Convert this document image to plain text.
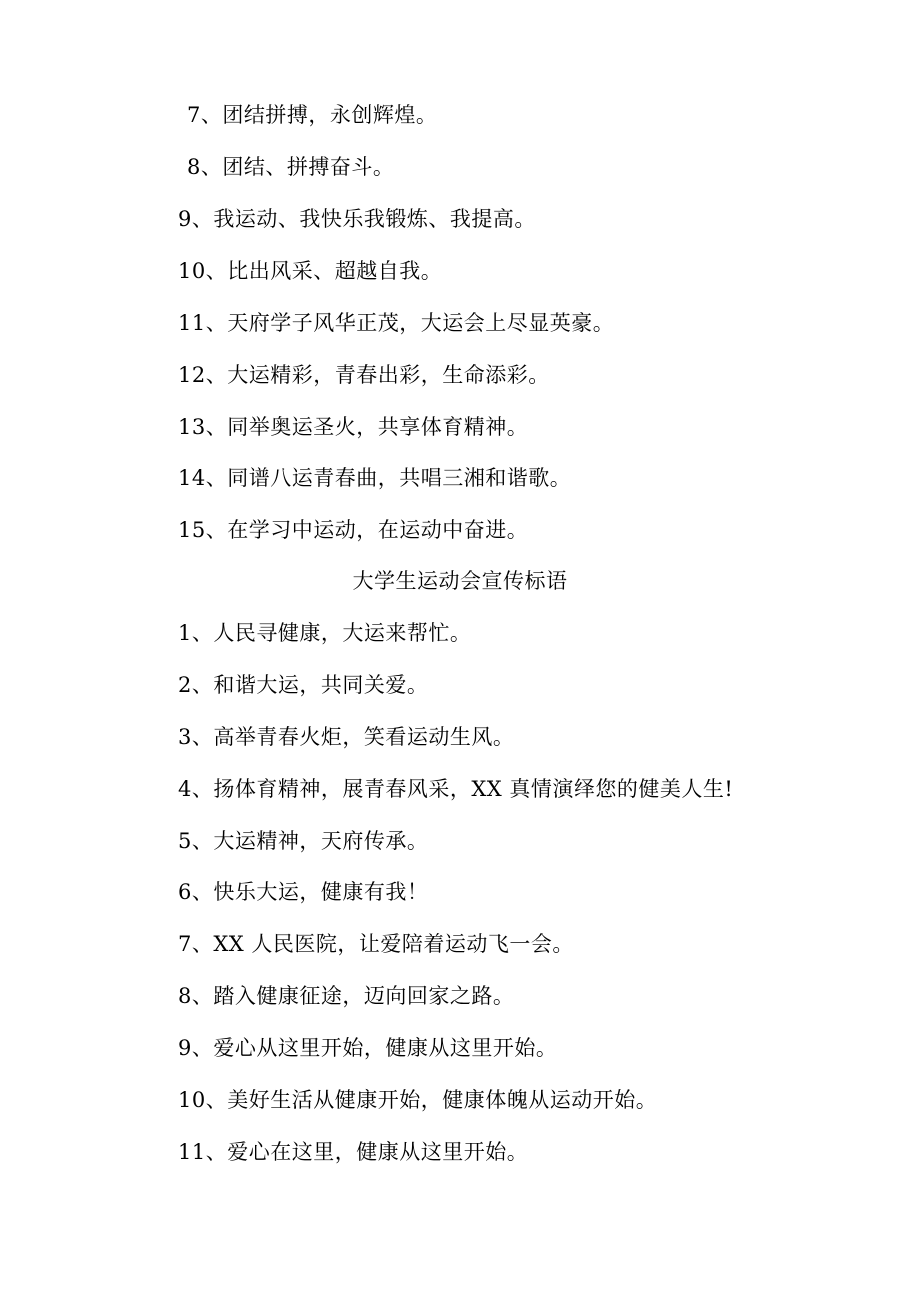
7、团结拼搏，永创辉煌。
8、团结、拼搏奋斗。
9、我运动、我快乐我锻炼、我提高。
10、比出风采、超越自我。
11、天府学子风华正茂，大运会上尽显英豪。
12、大运精彩，青春出彩，生命添彩。
13、同举奥运圣火，共享体育精神。
14、同谱八运青春曲，共唱三湘和谐歌。
15、在学习中运动，在运动中奋进。
大学生运动会宣传标语
1、人民寻健康，大运来帮忙。
2、和谐大运，共同关爱。
3、高举青春火炬，笑看运动生风。
4、扬体育精神，展青春风采，XX 真情演绎您的健美人生!
5、大运精神，天府传承。
6、快乐大运，健康有我！
7、XX 人民医院，让爱陪着运动飞一会。
8、踏入健康征途，迈向回家之路。
9、爱心从这里开始，健康从这里开始。
10、美好生活从健康开始，健康体魄从运动开始。
11、爱心在这里，健康从这里开始。
